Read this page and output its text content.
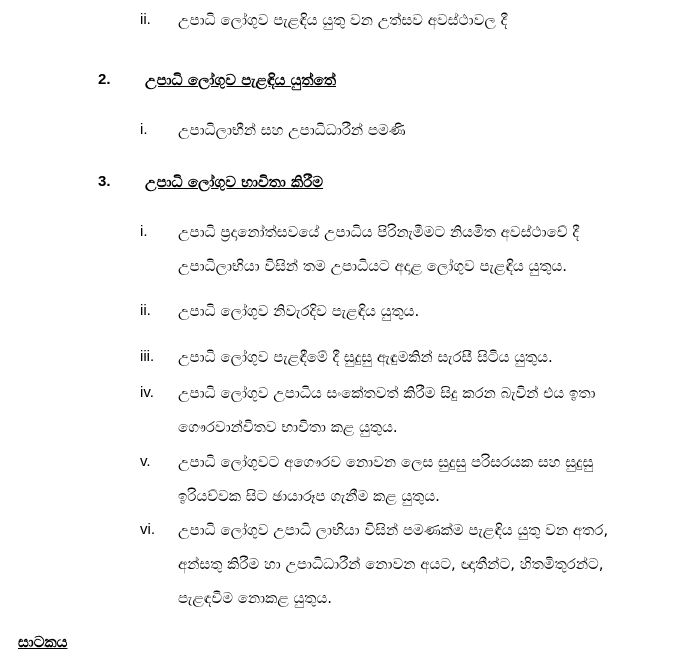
ii. උපාධි ලෝගුව පැළඳිය යුතු වන උත්සව අවස්ථාවල දී
2. උපාධි ලෝගුව පැළඳිය යුත්තේ
i. උපාධිලාභීන් සහ උපාධිධාරීන් පමණි
3. උපාධි ලෝගුව භාවිතා කිරීම
i. උපාධි ප්‍රදානෝත්සවයේ උපාධිය පිරිනැමීමට නියමිත අවස්ථාවේ දී
උපාධිලාභියා විසින් තම උපාධියට අදාළ ලෝගුව පැළඳිය යුතුය.
ii. උපාධි ලෝගුව නිවැරදිව පැළඳිය යුතුය.
iii. උපාධි ලෝගුව පැළඳීමේ දී සුදුසු ඇඳුමකින් සැරසී සිටිය යුතුය.
iv. උපාධි ලෝගුව උපාධිය සංකේතවත් කිරීම සිදු කරන බැවින් එය ඉතා
ගෞරවාන්විතව භාවිතා කළ යුතුය.
v. උපාධි ලෝගුවට අගෞරව නොවන ලෙස සුදුසු පරිසරයක සහ සුදුසු
ඉරියව්වක සිට ඡායාරූප ගැනීම කළ යුතුය.
vi. උපාධි ලෝගුව උපාධි ලාභියා විසින් පමණක්ම පැළඳිය යුතු වන අතර,
අන්සතු කිරීම හා උපාධිධාරීන් නොවන අයට, ඥාතීන්ට, හිතමිතුරන්ට,
පැළඳවීම නොකළ යුතුය.
සාටකය
